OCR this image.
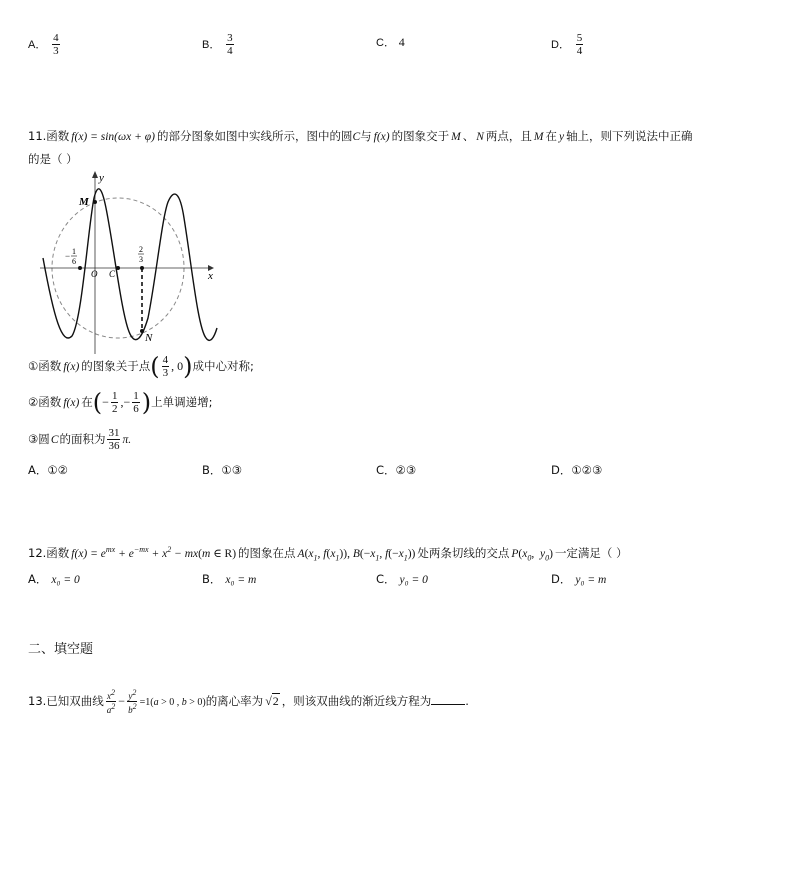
A． $\frac{4}{3}$	B． $\frac{3}{4}$	C． 4	D． $\frac{5}{4}$
11.函数 f(x) = sin(ωx + φ) 的部分图象如图中实线所示，图中的圆C与 f(x) 的图象交于 M 、 N 两点，且 M 在 y 轴上，则下列说法中正确
的是（ ）
y
x
M
N
O C
− 1
6
2
3
①函数 f(x) 的图象关于点( $\frac{4}{3}$ , 0)成中心对称;
②函数 f(x) 在(− $\frac{1}{2}$ ,− $\frac{1}{6}$ )上单调递增;
③圆C的面积为 $\frac{31}{36} \pi$.
A．①②	B．①③	C．②③	D．①②③
12.函数 $f(x) = e^{mx} + e^{-mx} + x^2 - mx(m$ ∈ R) 的图象在点 $A(x_1$, $f(x_1)$), $B(-x_1$, $f(-x_1)$) 处两条切线的交点 $P(x_0$,  $y_0$) 一定满足（ ）
A． x₀ = 0	B． x₀ = m	C． y₀ = 0	D． y₀ = m
二、填空题
13.已知双曲线 $\frac{x^2}{a^2} - \frac{y^2}{b^2} =1(a > 0$ , b > 0)的离心率为 √2 ，则该双曲线的渐近线方程为	.
